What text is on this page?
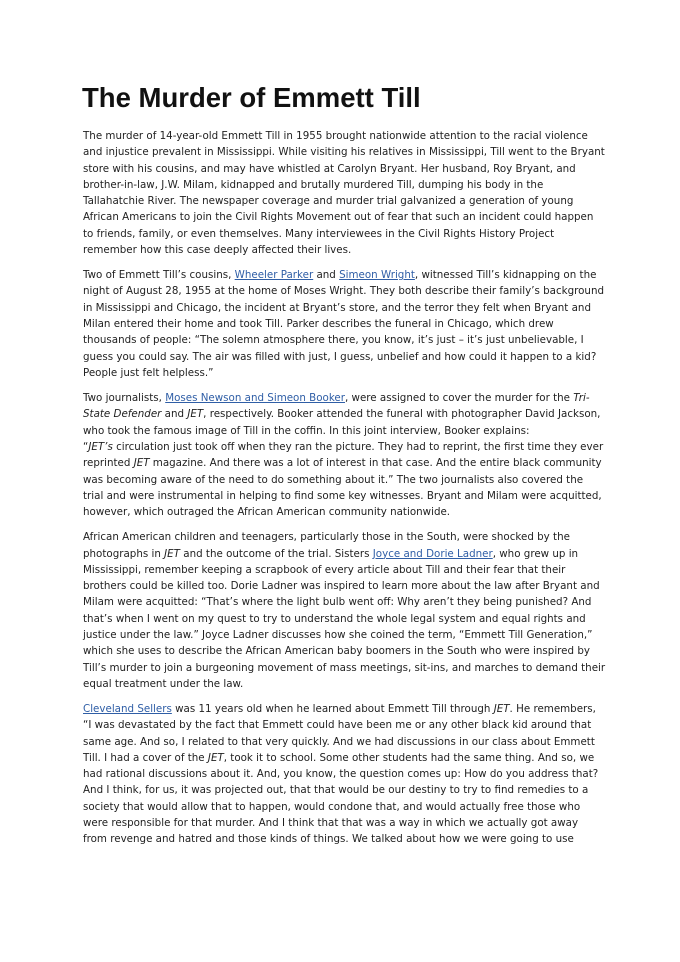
The Murder of Emmett Till
The murder of 14-year-old Emmett Till in 1955 brought nationwide attention to the racial violence
and injustice prevalent in Mississippi. While visiting his relatives in Mississippi, Till went to the Bryant
store with his cousins, and may have whistled at Carolyn Bryant. Her husband, Roy Bryant, and
brother-in-law, J.W. Milam, kidnapped and brutally murdered Till, dumping his body in the
Tallahatchie River. The newspaper coverage and murder trial galvanized a generation of young
African Americans to join the Civil Rights Movement out of fear that such an incident could happen
to friends, family, or even themselves. Many interviewees in the Civil Rights History Project
remember how this case deeply affected their lives.
Two of Emmett Till’s cousins, Wheeler Parker and Simeon Wright, witnessed Till’s kidnapping on the
night of August 28, 1955 at the home of Moses Wright. They both describe their family’s background
in Mississippi and Chicago, the incident at Bryant’s store, and the terror they felt when Bryant and
Milan entered their home and took Till. Parker describes the funeral in Chicago, which drew
thousands of people: “The solemn atmosphere there, you know, it’s just – it’s just unbelievable, I
guess you could say. The air was filled with just, I guess, unbelief and how could it happen to a kid?
People just felt helpless.”
Two journalists, Moses Newson and Simeon Booker, were assigned to cover the murder for the Tri-
State Defender and JET, respectively. Booker attended the funeral with photographer David Jackson,
who took the famous image of Till in the coffin. In this joint interview, Booker explains:
“JET’s circulation just took off when they ran the picture. They had to reprint, the first time they ever
reprinted JET magazine. And there was a lot of interest in that case. And the entire black community
was becoming aware of the need to do something about it.” The two journalists also covered the
trial and were instrumental in helping to find some key witnesses. Bryant and Milam were acquitted,
however, which outraged the African American community nationwide.
African American children and teenagers, particularly those in the South, were shocked by the
photographs in JET and the outcome of the trial. Sisters Joyce and Dorie Ladner, who grew up in
Mississippi, remember keeping a scrapbook of every article about Till and their fear that their
brothers could be killed too. Dorie Ladner was inspired to learn more about the law after Bryant and
Milam were acquitted: “That’s where the light bulb went off: Why aren’t they being punished? And
that’s when I went on my quest to try to understand the whole legal system and equal rights and
justice under the law.” Joyce Ladner discusses how she coined the term, “Emmett Till Generation,”
which she uses to describe the African American baby boomers in the South who were inspired by
Till’s murder to join a burgeoning movement of mass meetings, sit-ins, and marches to demand their
equal treatment under the law.
Cleveland Sellers was 11 years old when he learned about Emmett Till through JET. He remembers,
“I was devastated by the fact that Emmett could have been me or any other black kid around that
same age. And so, I related to that very quickly. And we had discussions in our class about Emmett
Till. I had a cover of the JET, took it to school. Some other students had the same thing. And so, we
had rational discussions about it. And, you know, the question comes up: How do you address that?
And I think, for us, it was projected out, that that would be our destiny to try to find remedies to a
society that would allow that to happen, would condone that, and would actually free those who
were responsible for that murder. And I think that that was a way in which we actually got away
from revenge and hatred and those kinds of things. We talked about how we were going to use
